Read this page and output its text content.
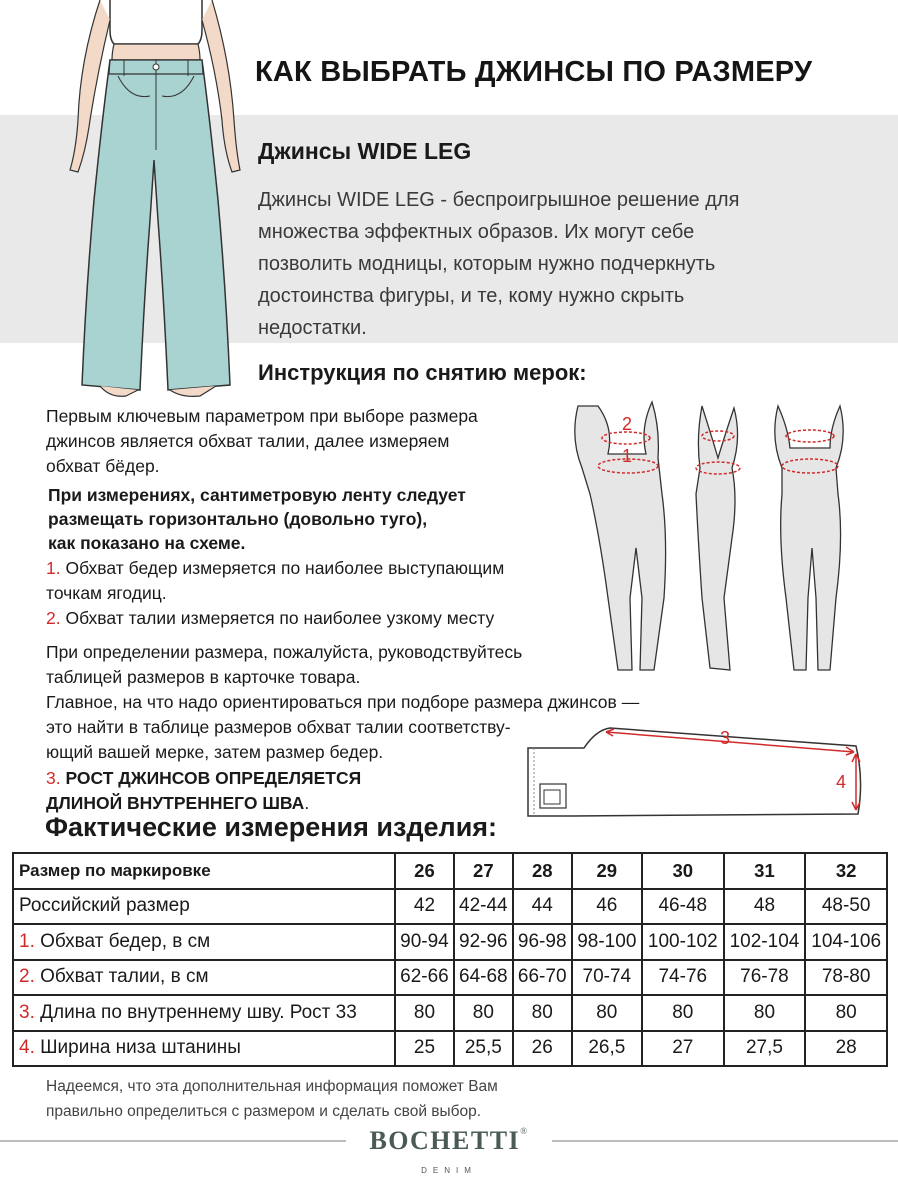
КАК ВЫБРАТЬ ДЖИНСЫ ПО РАЗМЕРУ
Джинсы WIDE LEG
Джинсы WIDE LEG - беспроигрышное решение для
множества эффектных образов. Их могут себе
позволить модницы, которым нужно подчеркнуть
достоинства фигуры, и те, кому нужно скрыть
недостатки.
Инструкция по снятию мерок:
Первым ключевым параметром при выборе размера
джинсов является обхват талии, далее измеряем
обхват бёдер.
При измерениях, сантиметровую ленту следует
размещать горизонтально (довольно туго),
как показано на схеме.
1. Обхват бедер измеряется по наиболее выступающим
точкам ягодиц.
2. Обхват талии измеряется по наиболее узкому месту
При определении размера, пожалуйста, руководствуйтесь
таблицей размеров в карточке товара.
Главное, на что надо ориентироваться при подборе размера джинсов —
это найти в таблице размеров обхват талии соответству-
ющий вашей мерке, затем размер бедер.
3. РОСТ ДЖИНСОВ ОПРЕДЕЛЯЕТСЯ
ДЛИНОЙ ВНУТРЕННЕГО ШВА.
2
1
3
4
Фактические измерения изделия:
Размер по маркировке	26	27	28	29	30	31	32
Российский размер	42	42-44	44	46	46-48	48	48-50
1. Обхват бедер, в см	90-94	92-96	96-98	98-100	100-102	102-104	104-106
2. Обхват талии, в см	62-66	64-68	66-70	70-74	74-76	76-78	78-80
3. Длина по внутреннему шву. Рост 33	80	80	80	80	80	80	80
4. Ширина низа штанины	25	25,5	26	26,5	27	27,5	28
Надеемся, что эта дополнительная информация поможет Вам
правильно определиться с размером и сделать свой выбор.
BOCHETTI®
DENIM
